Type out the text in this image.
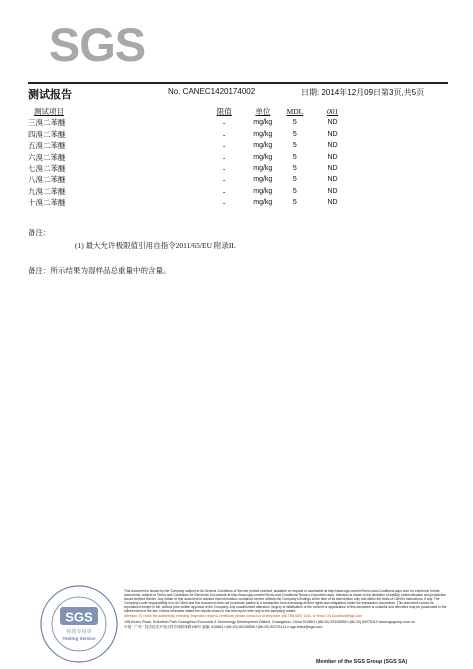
SGS
测试报告	No. CANEC1420174002	日期: 2014年12月09日 第3页,共5页
测试项目	限值	单位	MDL	001
三溴二苯醚	-	mg/kg	5	ND
四溴二苯醚	-	mg/kg	5	ND
五溴二苯醚	-	mg/kg	5	ND
六溴二苯醚	-	mg/kg	5	ND
七溴二苯醚	-	mg/kg	5	ND
八溴二苯醚	-	mg/kg	5	ND
九溴二苯醚	-	mg/kg	5	ND
十溴二苯醚	-	mg/kg	5	ND
备注：
(1) 最大允许极限值引用自指令2011/65/EU 附录II.
备注：所示结果为湿样品总重量中的含量。
SGS
检验专用章
Testing Service
This document is issued by the Company subject to its General Conditions of Service printed overleaf, available on request or accessible at http://www.sgs.com/en/Terms-and-Conditions.aspx and, for electronic format documents, subject to Terms and Conditions for Electronic Documents at http://www.sgs.com/en/Terms-and-Conditions/Terms-e-Document.aspx. Attention is drawn to the limitation of liability, indemnification and jurisdiction issues defined therein. Any holder of this document is advised that information contained hereon reflects the Company's findings at the time of its intervention only and within the limits of Client's instructions, if any. The Company's sole responsibility is to its Client and this document does not exonerate parties to a transaction from exercising all their rights and obligations under the transaction documents. This document cannot be reproduced except in full, without prior written approval of the Company. Any unauthorized alteration, forgery or falsification of the content or appearance of this document is unlawful and offenders may be prosecuted to the fullest extent of the law. Unless otherwise stated the results shown in this test report refer only to the sample(s) tested.
Attention: To check the authenticity of testing /inspection report & certificate, please contact us at telephone: (86-755) 8307 1443, or email: CN.Doccheck@sgs.com
198 Kezhu Road, Scientech Park Guangzhou Economic & Technology Development District, Guangzhou, China 510663 t (86-20) 82155555 f (86-20) 82075113 www.sgsgroup.com.cn
中国 · 广州 · 经济技术开发区科学城科珠路198号 邮编: 510663 t (86-20) 82155555 f (86-20) 82075113 e sgs.china@sgs.com
Member of the SGS Group (SGS SA)
